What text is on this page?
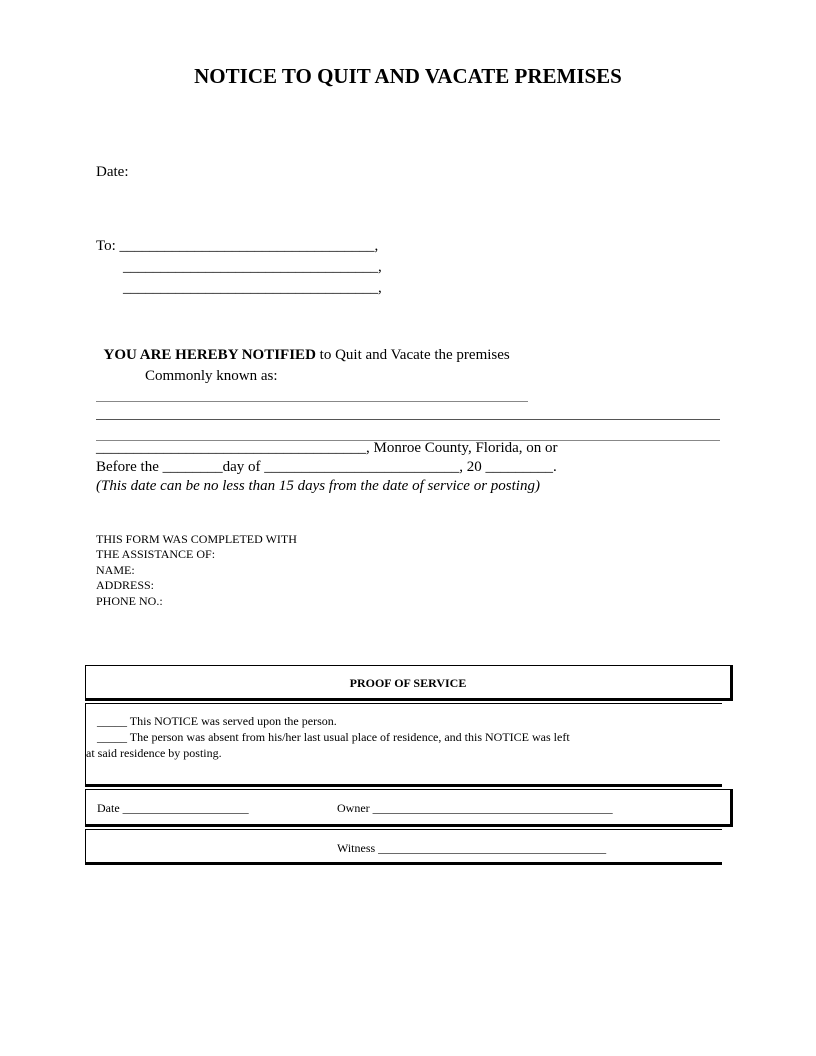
NOTICE TO QUIT AND VACATE PREMISES
Date:
To: __________________________________,
__________________________________,
__________________________________,

YOU ARE HEREBY NOTIFIED to Quit and Vacate the premises

Commonly known as:
____________________________________, Monroe County, Florida, on or
Before the ________day of __________________________, 20 _________.
(This date can be no less than 15 days from the date of service or posting)
THIS FORM WAS COMPLETED WITH
THE ASSISTANCE OF:
NAME:
ADDRESS:
PHONE NO.:
PROOF OF SERVICE
_____ This NOTICE was served upon the person.
_____ The person was absent from his/her last usual place of residence, and this NOTICE was left
at said residence by posting.
Date _____________________	Owner ________________________________________
Witness ______________________________________
